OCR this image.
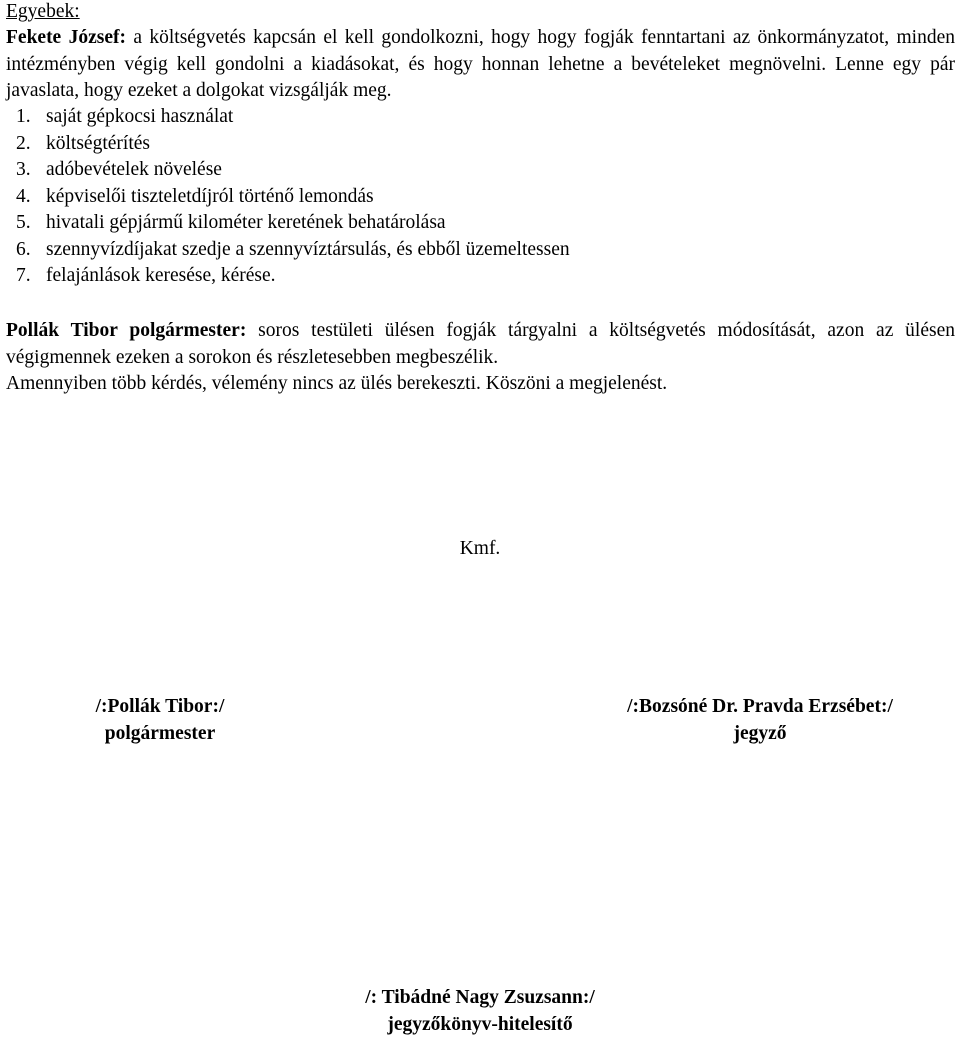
Egyebek:

Fekete József: a költségvetés kapcsán el kell gondolkozni, hogy hogy fogják fenntartani az önkormányzatot, minden intézményben végig kell gondolni a kiadásokat, és hogy honnan lehetne a bevételeket megnövelni. Lenne egy pár javaslata, hogy ezeket a dolgokat vizsgálják meg.

1. saját gépkocsi használat
2. költségtérítés
3. adóbevételek növelése
4. képviselői tiszteletdíjról történő lemondás
5. hivatali gépjármű kilométer keretének behatárolása
6. szennyvízdíjakat szedje a szennyvíztársulás, és ebből üzemeltessen
7. felajánlások keresése, kérése.

Pollák Tibor polgármester: soros testületi ülésen fogják tárgyalni a költségvetés módosítását, azon az ülésen végigmennek ezeken a sorokon és részletesebben megbeszélik.

Amennyiben több kérdés, vélemény nincs az ülés berekeszti. Köszöni a megjelenést.

Kmf.

/:Pollák Tibor:/
polgármester
/:Bozsóné Dr. Pravda Erzsébet:/
jegyző
/: Tibádné Nagy Zsuzsann:/
jegyzőkönyv-hitelesítő
